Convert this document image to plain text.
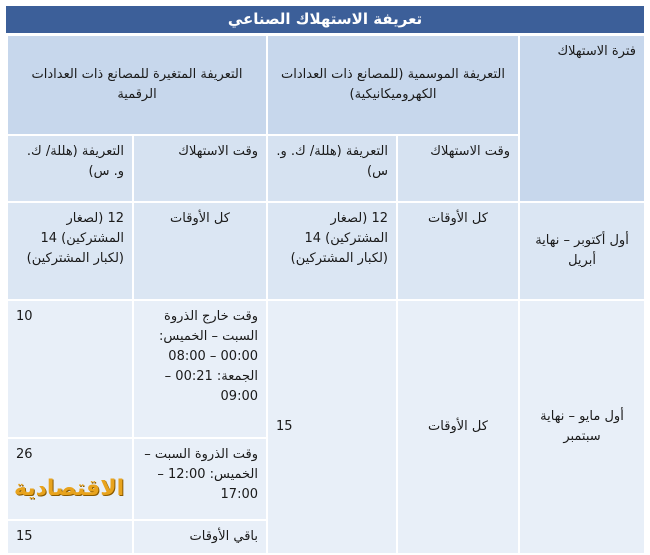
تعريفة الاستهلاك الصناعي
فترة الاستهلاك	التعريفة الموسمية (للمصانع ذات العدادات الكهروميكانيكية)		التعريفة المتغيرة للمصانع ذات العدادات الرقمية	
	وقت الاستهلاك	التعريفة (هللة/ ك. و. س)	وقت الاستهلاك	التعريفة (هللة/ ك. و. س)
أول أكتوبر – نهاية أبريل	كل الأوقات	12 (لصغار المشتركين) 14 (لكبار المشتركين)	كل الأوقات	12 (لصغار المشتركين) 14 (لكبار المشتركين)
أول مايو – نهاية سبتمبر	كل الأوقات	15	وقت خارج الذروة السبت – الخميس: 00:00 – 08:00 الجمعة: 00:21 – 09:00	10
			وقت الذروة السبت – الخميس: 12:00 – 17:00	26
			باقي الأوقات	15
الاقتصادية
